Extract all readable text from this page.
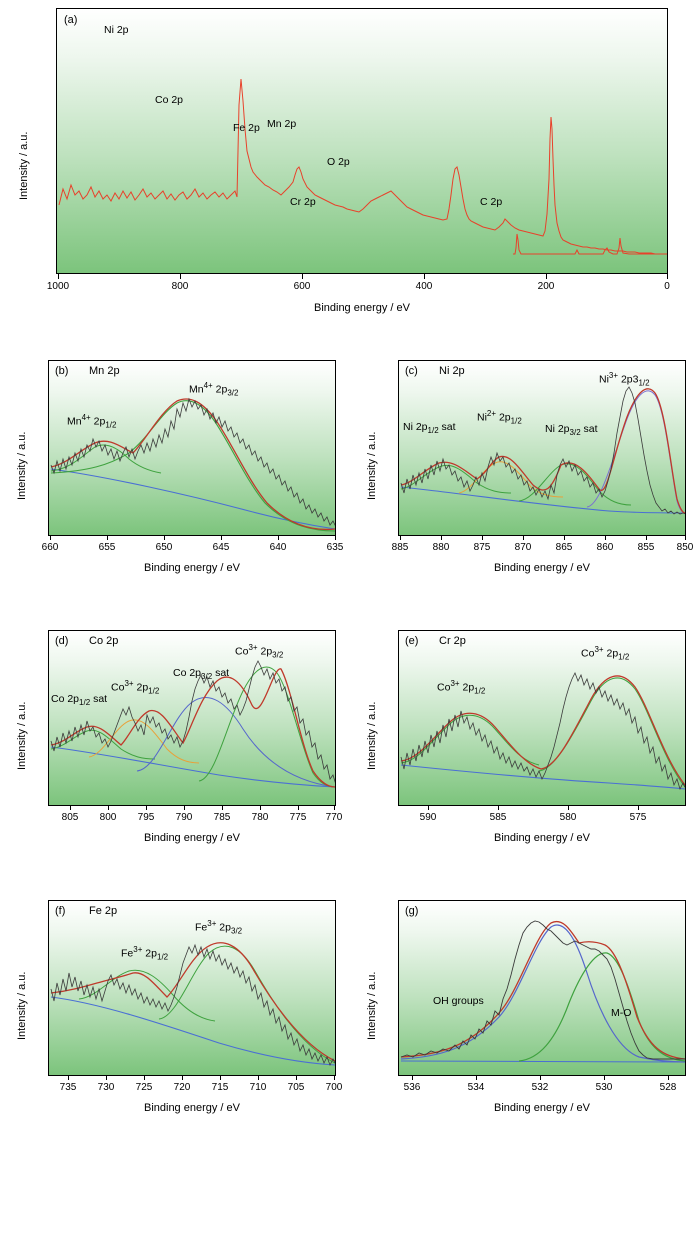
Intensity / a.u.
Ni 2p
Co 2p
Fe 2p Mn 2p
Cr 2p
O 2p
C 2p
(a)
1000	800	600	400	200	0
Binding energy / eV
$Mn^{4+}$ $2p_{1/2}$
$Mn^{4+}$ $2p_{3/2}$
(b) Mn 2p
Intensity / a.u.
660	655	650	645	640	635
Binding energy / eV
Ni $2p_{1/2}$ sat
$Ni^{2+}$ $2p_{1/2}$
Ni $2p_{3/2}$ sat
$Ni^{3+}$ $2p3_{1/2}$
(c) Ni 2p
Intensity / a.u.
885	880	875	870	865	860	855	850
Binding energy / eV
Co $2p_{1/2}$ sat
$Co^{3+}$ $2p_{1/2}$
Co $2p_{3/2}$ sat
$Co^{3+}$ $2p_{3/2}$
(d) Co 2p
Intensity / a.u.
805	800	795	790	785	780	775	770
Binding energy / eV
$Co^{3+}$ $2p_{1/2}$
$Co^{3+}$ $2p_{1/2}$
(e) Cr 2p
Intensity / a.u.
590	585	580	575
Binding energy / eV
$Fe^{3+}$ $2p_{1/2}$
$Fe^{3+}$ $2p_{3/2}$
(f) Fe 2p
Intensity / a.u.
735	730	725	720	715	710	705	700
Binding energy / eV
OH groups
M-O
(g)
Intensity / a.u.
536	534	532	530	528
Binding energy / eV
